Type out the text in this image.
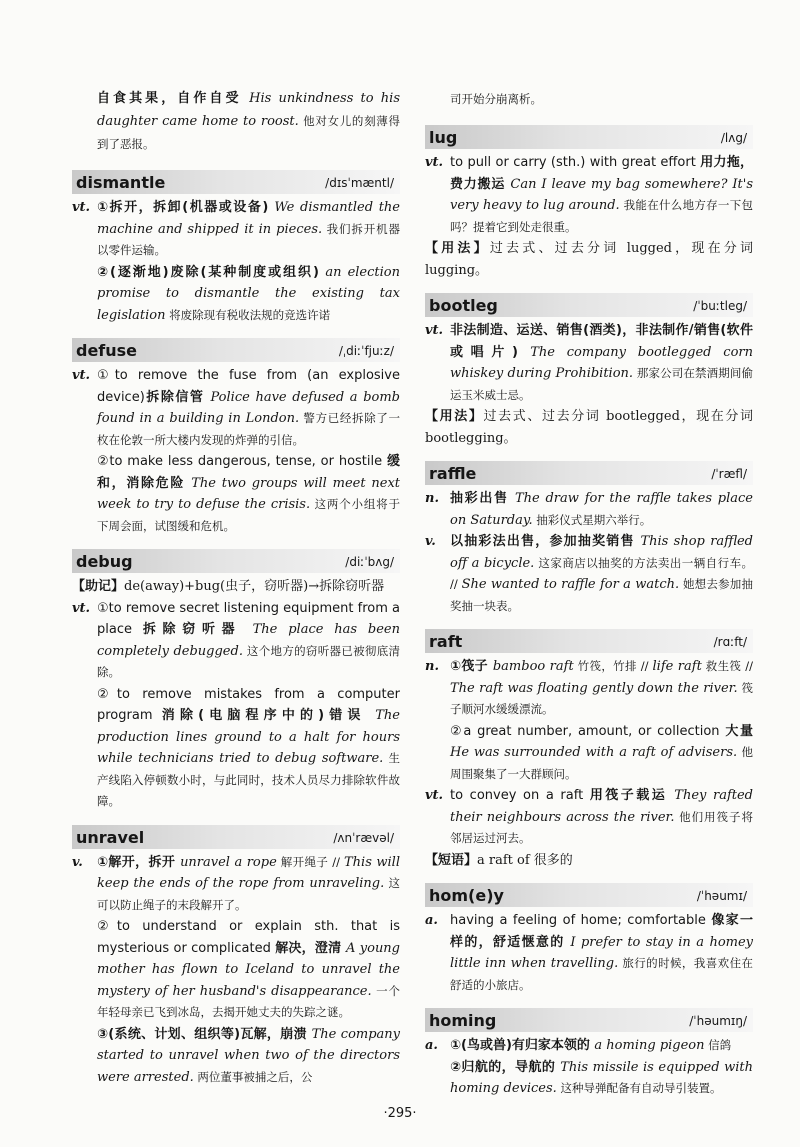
自食其果，自作自受 His unkindness to his daughter came home to roost. 他对女儿的刻薄得到了恶报。
dismantle	/dɪsˈmæntl/
vt. ①拆开，拆卸(机器或设备) We dismantled the machine and shipped it in pieces. 我们拆开机器以零件运输。
②(逐渐地)废除(某种制度或组织) an election promise to dismantle the existing tax legislation 将废除现有税收法规的竞选许诺
defuse	/ˌdiːˈfjuːz/
vt. ①to remove the fuse from (an explosive device)拆除信管 Police have defused a bomb found in a building in London. 警方已经拆除了一枚在伦敦一所大楼内发现的炸弹的引信。
②to make less dangerous, tense, or hostile 缓和，消除危险 The two groups will meet next week to try to defuse the crisis. 这两个小组将于下周会面，试图缓和危机。
debug	/diːˈbʌg/
【助记】de(away)+bug(虫子，窃听器)→拆除窃听器
vt. ①to remove secret listening equipment from a place 拆除窃听器 The place has been completely debugged. 这个地方的窃听器已被彻底清除。
②to remove mistakes from a computer program 消除(电脑程序中的)错误 The production lines ground to a halt for hours while technicians tried to debug software. 生产线陷入停顿数小时，与此同时，技术人员尽力排除软件故障。
unravel	/ʌnˈrævəl/
v.	①解开，拆开 unravel a rope 解开绳子 // This will keep the ends of the rope from unraveling. 这可以防止绳子的末段解开了。
②to understand or explain sth. that is mysterious or complicated 解决，澄清 A young mother has flown to Iceland to unravel the mystery of her husband's disappearance. 一个年轻母亲已飞到冰岛，去揭开她丈夫的失踪之谜。
③(系统、计划、组织等)瓦解，崩溃 The company started to unravel when two of the directors were arrested. 两位董事被捕之后，公
司开始分崩离析。
lug	/lʌg/
vt. to pull or carry (sth.) with great effort 用力拖，费力搬运 Can I leave my bag somewhere? It's very heavy to lug around. 我能在什么地方存一下包吗？提着它到处走很重。
【用法】过去式、过去分词 lugged，现在分词 lugging。
bootleg	/ˈbuːtleg/
vt. 非法制造、运送、销售(酒类)，非法制作/销售(软件或唱片) The company bootlegged corn whiskey during Prohibition. 那家公司在禁酒期间偷运玉米威士忌。
【用法】过去式、过去分词 bootlegged，现在分词 bootlegging。
raffle	/ˈræfl/
n. 抽彩出售 The draw for the raffle takes place on Saturday. 抽彩仪式星期六举行。
v.	以抽彩法出售，参加抽奖销售 This shop raffled off a bicycle. 这家商店以抽奖的方法卖出一辆自行车。 // She wanted to raffle for a watch. 她想去参加抽奖抽一块表。
raft	/rɑːft/
n. ①筏子 bamboo raft 竹筏，竹排 // life raft 救生筏 // The raft was floating gently down the river. 筏子顺河水缓缓漂流。
②a great number, amount, or collection 大量 He was surrounded with a raft of advisers. 他周围聚集了一大群顾问。
vt. to convey on a raft 用筏子载运 They rafted their neighbours across the river. 他们用筏子将邻居运过河去。
【短语】a raft of 很多的
hom(e)y	/ˈhəumɪ/
a. having a feeling of home; comfortable 像家一样的，舒适惬意的 I prefer to stay in a homey little inn when travelling. 旅行的时候，我喜欢住在舒适的小旅店。
homing	/ˈhəumɪŋ/
a. ①(鸟或兽)有归家本领的 a homing pigeon 信鸽
②归航的，导航的 This missile is equipped with homing devices. 这种导弹配备有自动导引装置。
·295·
